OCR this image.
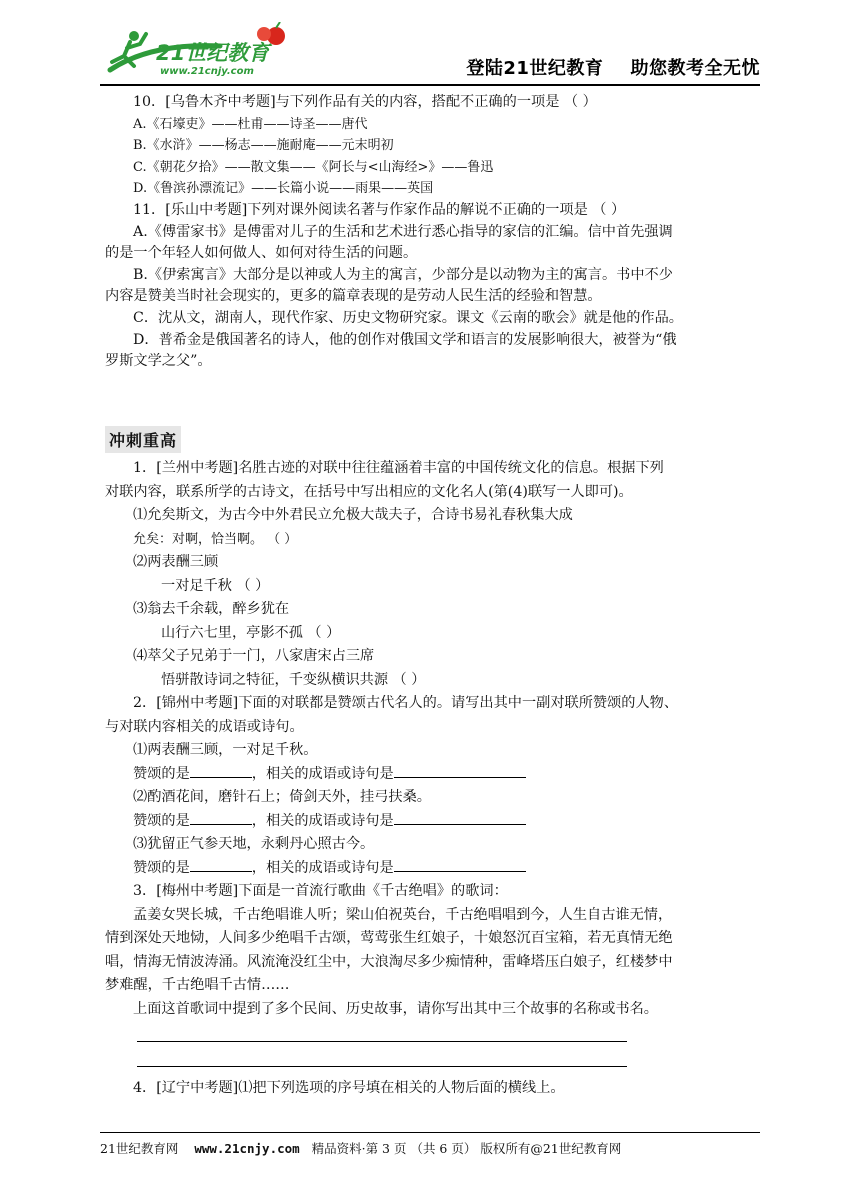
21世纪教育
www.21cnjy.com	登陆21世纪教育    助您教考全无忧
10．[乌鲁木齐中考题]与下列作品有关的内容，搭配不正确的一项是 （ ）
A.《石壕吏》——杜甫——诗圣——唐代
B.《水浒》——杨志——施耐庵——元末明初
C.《朝花夕拾》——散文集——《阿长与<山海经>》——鲁迅
D.《鲁滨孙漂流记》——长篇小说——雨果——英国
11．[乐山中考题]下列对课外阅读名著与作家作品的解说不正确的一项是 （ ）
A.《傅雷家书》是傅雷对儿子的生活和艺术进行悉心指导的家信的汇编。信中首先强调
的是一个年轻人如何做人、如何对待生活的问题。
B.《伊索寓言》大部分是以神或人为主的寓言，少部分是以动物为主的寓言。书中不少
内容是赞美当时社会现实的，更多的篇章表现的是劳动人民生活的经验和智慧。
C．沈从文，湖南人，现代作家、历史文物研究家。课文《云南的歌会》就是他的作品。
D．普希金是俄国著名的诗人，他的创作对俄国文学和语言的发展影响很大，被誉为“俄
罗斯文学之父”。
冲刺重高
1．[兰州中考题]名胜古迹的对联中往往蕴涵着丰富的中国传统文化的信息。根据下列
对联内容，联系所学的古诗文，在括号中写出相应的文化名人(第(4)联写一人即可)。
⑴允矣斯文，为古今中外君民立允极大哉夫子，合诗书易礼春秋集大成
允矣：对啊，恰当啊。 （ ）
⑵两表酬三顾
一对足千秋 （ ）
⑶翁去千余载，醉乡犹在
山行六七里，亭影不孤 （ ）
⑷萃父子兄弟于一门，八家唐宋占三席
悟骈散诗词之特征，千变纵横识共源 （ ）
2．[锦州中考题]下面的对联都是赞颂古代名人的。请写出其中一副对联所赞颂的人物、
与对联内容相关的成语或诗句。
⑴两表酬三顾，一对足千秋。
赞颂的是	，相关的成语或诗句是
⑵酌酒花间，磨针石上；倚剑天外，挂弓扶桑。
赞颂的是	，相关的成语或诗句是
⑶犹留正气参天地，永剩丹心照古今。
赞颂的是	，相关的成语或诗句是
3．[梅州中考题]下面是一首流行歌曲《千古绝唱》的歌词：
孟姜女哭长城，千古绝唱谁人听；梁山伯祝英台，千古绝唱唱到今，人生自古谁无情，
情到深处天地恸，人间多少绝唱千古颂，莺莺张生红娘子，十娘怒沉百宝箱，若无真情无绝
唱，情海无情波涛涌。风流淹没红尘中，大浪淘尽多少痴情种，雷峰塔压白娘子，红楼梦中
梦难醒，千古绝唱千古情……
上面这首歌词中提到了多个民间、历史故事，请你写出其中三个故事的名称或书名。
4．[辽宁中考题]⑴把下列选项的序号填在相关的人物后面的横线上。
21世纪教育网 www.21cnjy.com 精品资料·第 3 页 （共 6 页） 版权所有@21世纪教育网
